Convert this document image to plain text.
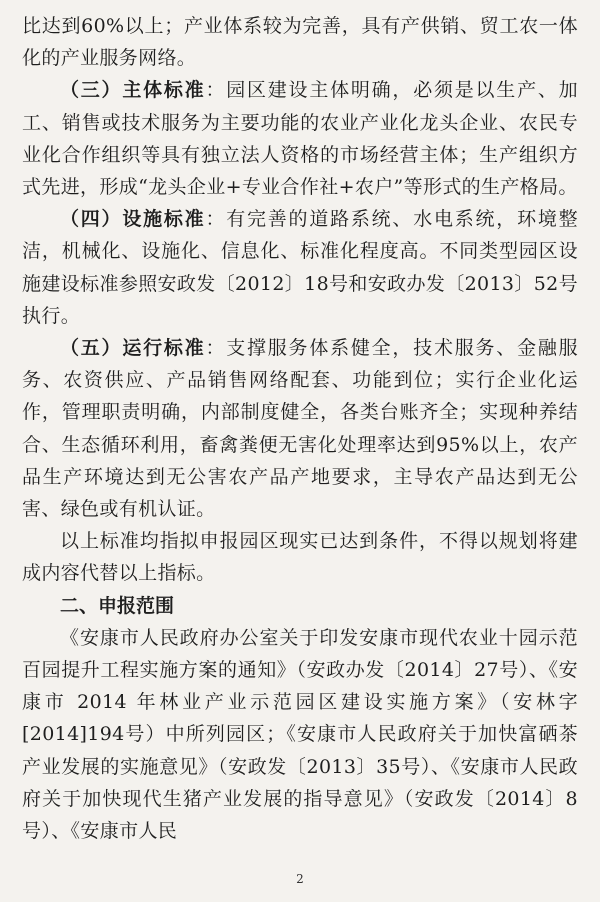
比达到60%以上；产业体系较为完善，具有产供销、贸工农一体化的产业服务网络。

（三）主体标准：园区建设主体明确，必须是以生产、加工、销售或技术服务为主要功能的农业产业化龙头企业、农民专业化合作组织等具有独立法人资格的市场经营主体；生产组织方式先进，形成“龙头企业+专业合作社+农户”等形式的生产格局。

（四）设施标准：有完善的道路系统、水电系统，环境整洁，机械化、设施化、信息化、标准化程度高。不同类型园区设施建设标准参照安政发〔2012〕18号和安政办发〔2013〕52号执行。

（五）运行标准：支撑服务体系健全，技术服务、金融服务、农资供应、产品销售网络配套、功能到位；实行企业化运作，管理职责明确，内部制度健全，各类台账齐全；实现种养结合、生态循环利用，畜禽粪便无害化处理率达到95%以上，农产品生产环境达到无公害农产品产地要求，主导农产品达到无公害、绿色或有机认证。

以上标准均指拟申报园区现实已达到条件，不得以规划将建成内容代替以上指标。

二、申报范围

《安康市人民政府办公室关于印发安康市现代农业十园示范百园提升工程实施方案的通知》（安政办发〔2014〕27号）、《安康市 2014 年林业产业示范园区建设实施方案》（安林字[2014]194号）中所列园区；《安康市人民政府关于加快富硒茶产业发展的实施意见》（安政发〔2013〕35号）、《安康市人民政府关于加快现代生猪产业发展的指导意见》（安政发〔2014〕8号）、《安康市人民

2
